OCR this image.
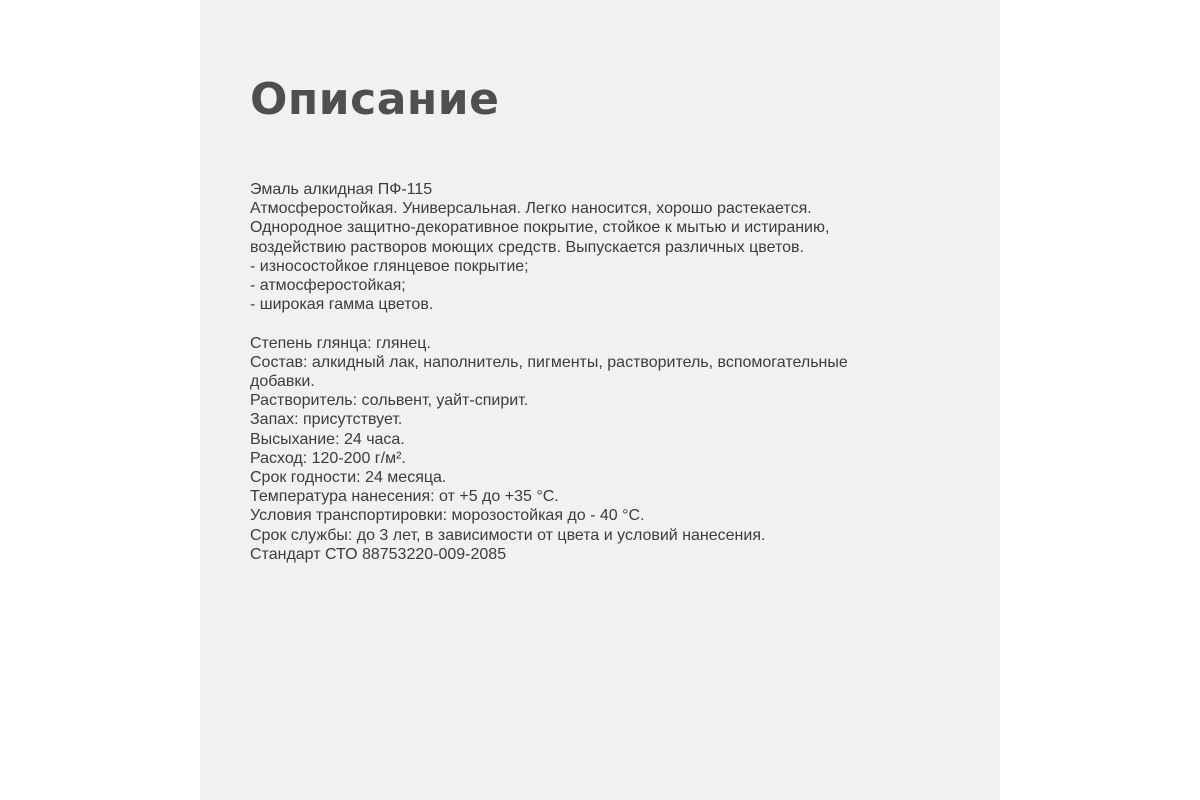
Описание
Эмаль алкидная ПФ-115
Атмосферостойкая. Универсальная. Легко наносится, хорошо растекается.
Однородное защитно-декоративное покрытие, стойкое к мытью и истиранию,
воздействию растворов моющих средств. Выпускается различных цветов.
- износостойкое глянцевое покрытие;
- атмосферостойкая;
- широкая гамма цветов.
Степень глянца: глянец.
Состав: алкидный лак, наполнитель, пигменты, растворитель, вспомогательные
добавки.
Растворитель: сольвент, уайт-спирит.
Запах: присутствует.
Высыхание: 24 часа.
Расход: 120-200 г/м².
Срок годности: 24 месяца.
Температура нанесения: от +5 до +35 °С.
Условия транспортировки: морозостойкая до - 40 °С.
Срок службы: до 3 лет, в зависимости от цвета и условий нанесения.
Стандарт СТО 88753220-009-2085
